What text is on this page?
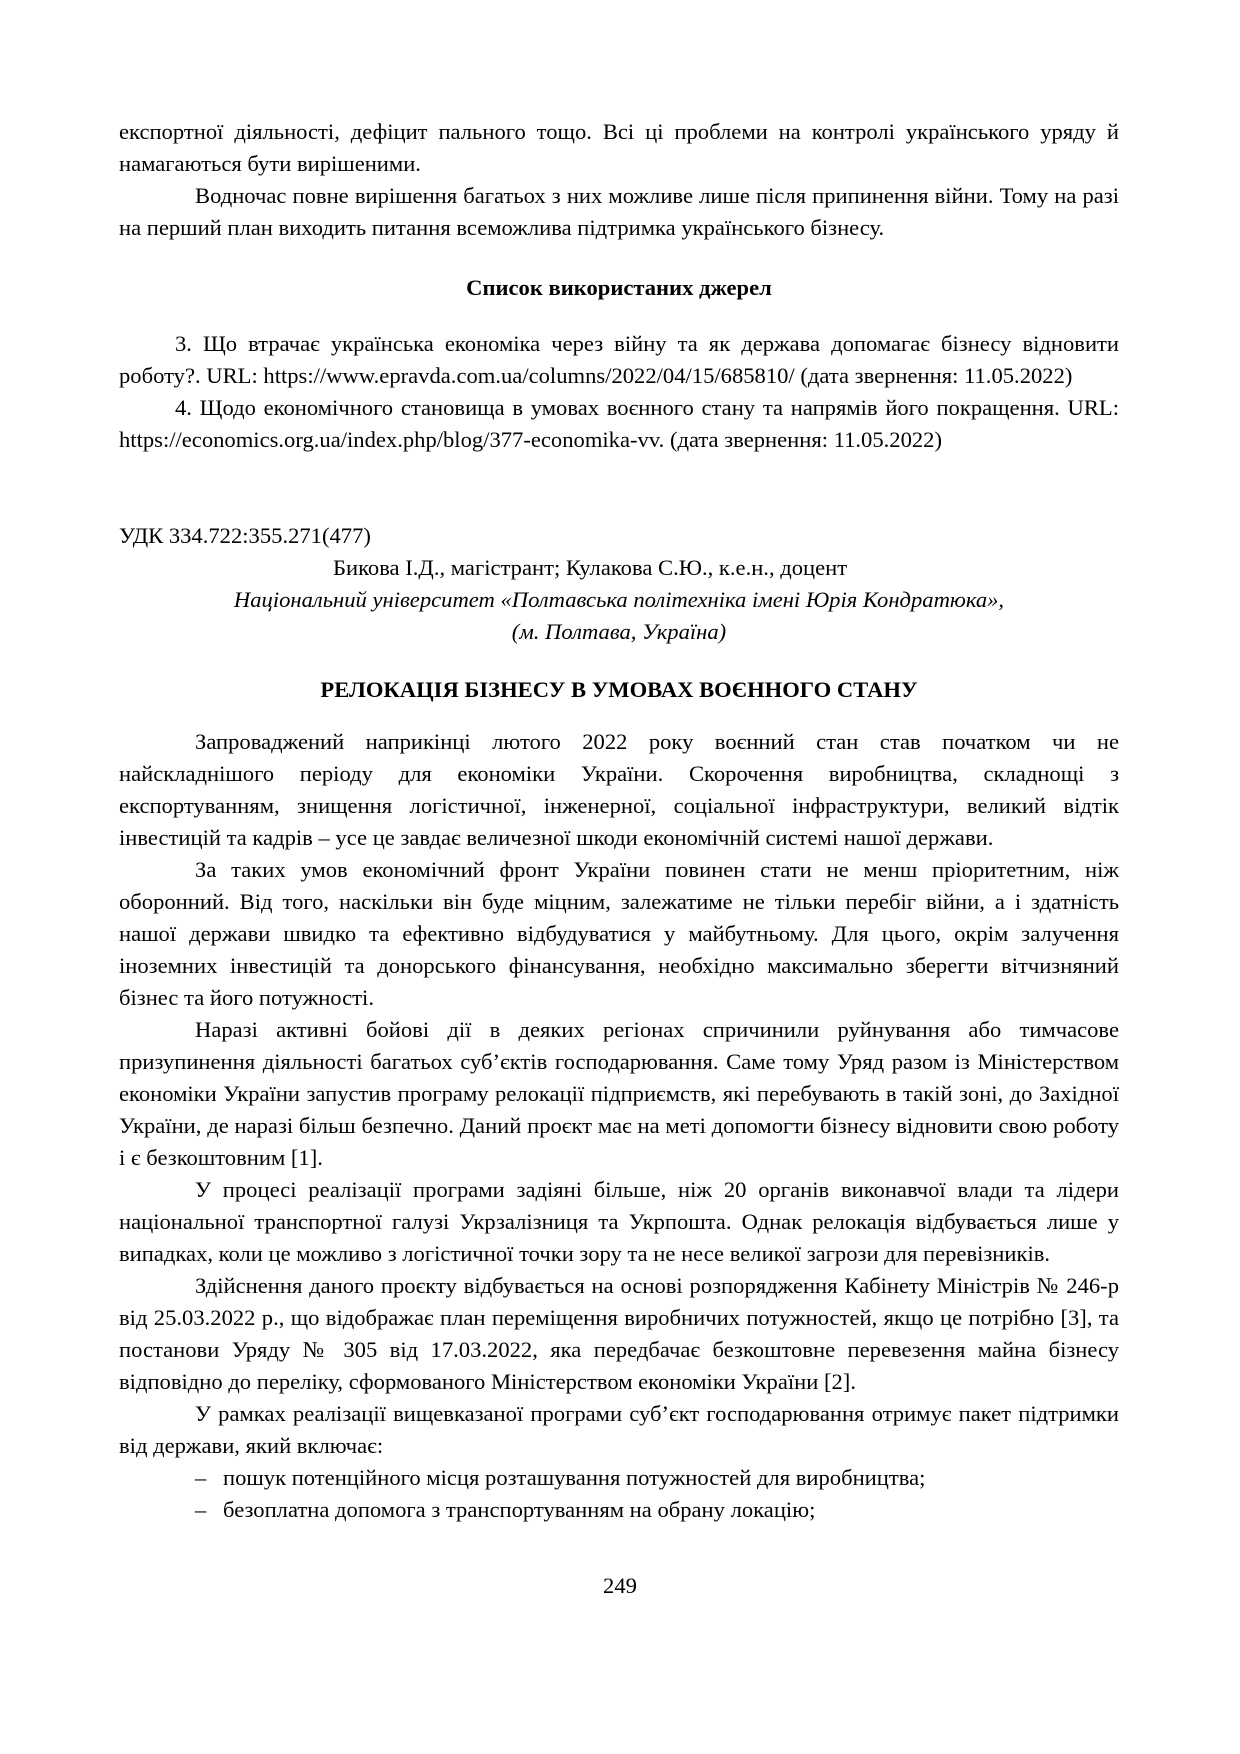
експортної діяльності, дефіцит пального тощо. Всі ці проблеми на контролі українського уряду й намагаються бути вирішеними.

Водночас повне вирішення багатьох з них можливе лише після припинення війни. Тому на разі на перший план виходить питання всеможлива підтримка українського бізнесу.

Список використаних джерел

3. Що втрачає українська економіка через війну та як держава допомагає бізнесу відновити роботу?. URL: https://www.epravda.com.ua/columns/2022/04/15/685810/ (дата звернення: 11.05.2022)

4. Щодо економічного становища в умовах воєнного стану та напрямів його покращення. URL: https://economics.org.ua/index.php/blog/377-economika-vv. (дата звернення: 11.05.2022)

УДК 334.722:355.271(477)

Бикова І.Д., магістрант; Кулакова С.Ю., к.е.н., доцент

Національний університет «Полтавська політехніка імені Юрія Кондратюка»,

(м. Полтава, Україна)

РЕЛОКАЦІЯ БІЗНЕСУ В УМОВАХ ВОЄННОГО СТАНУ

Запроваджений наприкінці лютого 2022 року воєнний стан став початком чи не найскладнішого періоду для економіки України. Скорочення виробництва, складнощі з експортуванням, знищення логістичної, інженерної, соціальної інфраструктури, великий відтік інвестицій та кадрів – усе це завдає величезної шкоди економічній системі нашої держави.

За таких умов економічний фронт України повинен стати не менш пріоритетним, ніж оборонний. Від того, наскільки він буде міцним, залежатиме не тільки перебіг війни, а і здатність нашої держави швидко та ефективно відбудуватися у майбутньому. Для цього, окрім залучення іноземних інвестицій та донорського фінансування, необхідно максимально зберегти вітчизняний бізнес та його потужності.

Наразі активні бойові дії в деяких регіонах спричинили руйнування або тимчасове призупинення діяльності багатьох суб’єктів господарювання. Саме тому Уряд разом із Міністерством економіки України запустив програму релокації підприємств, які перебувають в такій зоні, до Західної України, де наразі більш безпечно. Даний проєкт має на меті допомогти бізнесу відновити свою роботу і є безкоштовним [1].

У процесі реалізації програми задіяні більше, ніж 20 органів виконавчої влади та лідери національної транспортної галузі Укрзалізниця та Укрпошта. Однак релокація відбувається лише у випадках, коли це можливо з логістичної точки зору та не несе великої загрози для перевізників.

Здійснення даного проєкту відбувається на основі розпорядження Кабінету Міністрів № 246-р від 25.03.2022 р., що відображає план переміщення виробничих потужностей, якщо це потрібно [3], та постанови Уряду № 305 від 17.03.2022, яка передбачає безкоштовне перевезення майна бізнесу відповідно до переліку, сформованого Міністерством економіки України [2].

У рамках реалізації вищевказаної програми суб’єкт господарювання отримує пакет підтримки від держави, який включає:

– пошук потенційного місця розташування потужностей для виробництва;
– безоплатна допомога з транспортуванням на обрану локацію;
249
